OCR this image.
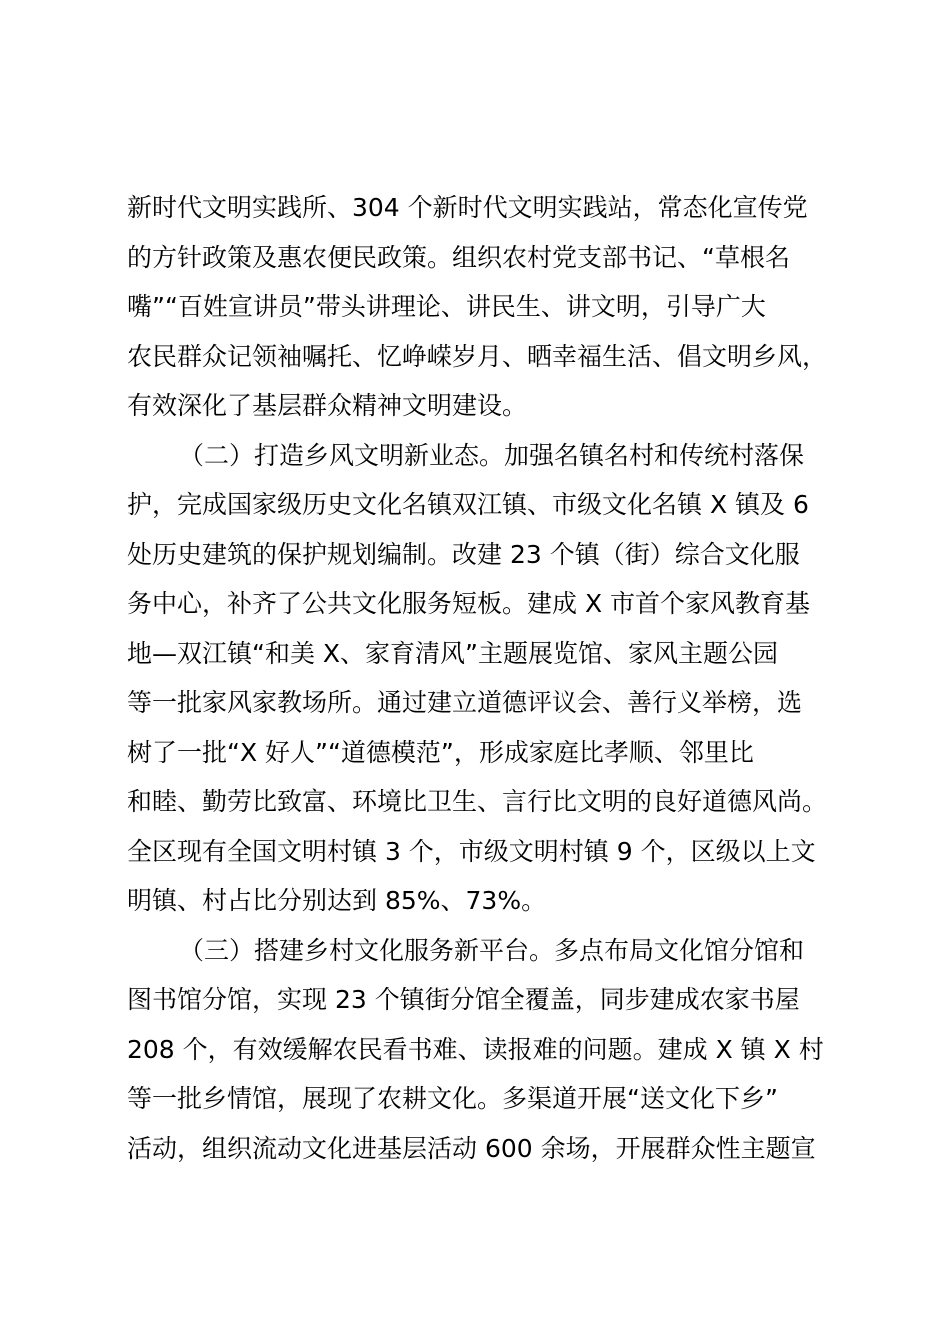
新时代文明实践所、304 个新时代文明实践站，常态化宣传党
的方针政策及惠农便民政策。组织农村党支部书记、“草根名
嘴”“百姓宣讲员”带头讲理论、讲民生、讲文明，引导广大
农民群众记领袖嘱托、忆峥嵘岁月、晒幸福生活、倡文明乡风，
有效深化了基层群众精神文明建设。
（二）打造乡风文明新业态。加强名镇名村和传统村落保
护，完成国家级历史文化名镇双江镇、市级文化名镇 X 镇及 6
处历史建筑的保护规划编制。改建 23 个镇（街）综合文化服
务中心，补齐了公共文化服务短板。建成 X 市首个家风教育基
地—双江镇“和美 X、家育清风”主题展览馆、家风主题公园
等一批家风家教场所。通过建立道德评议会、善行义举榜，选
树了一批“X 好人”“道德模范”，形成家庭比孝顺、邻里比
和睦、勤劳比致富、环境比卫生、言行比文明的良好道德风尚。
全区现有全国文明村镇 3 个，市级文明村镇 9 个，区级以上文
明镇、村占比分别达到 85%、73%。
（三）搭建乡村文化服务新平台。多点布局文化馆分馆和
图书馆分馆，实现 23 个镇街分馆全覆盖，同步建成农家书屋
208 个，有效缓解农民看书难、读报难的问题。建成 X 镇 X 村
等一批乡情馆，展现了农耕文化。多渠道开展“送文化下乡”
活动，组织流动文化进基层活动 600 余场，开展群众性主题宣
